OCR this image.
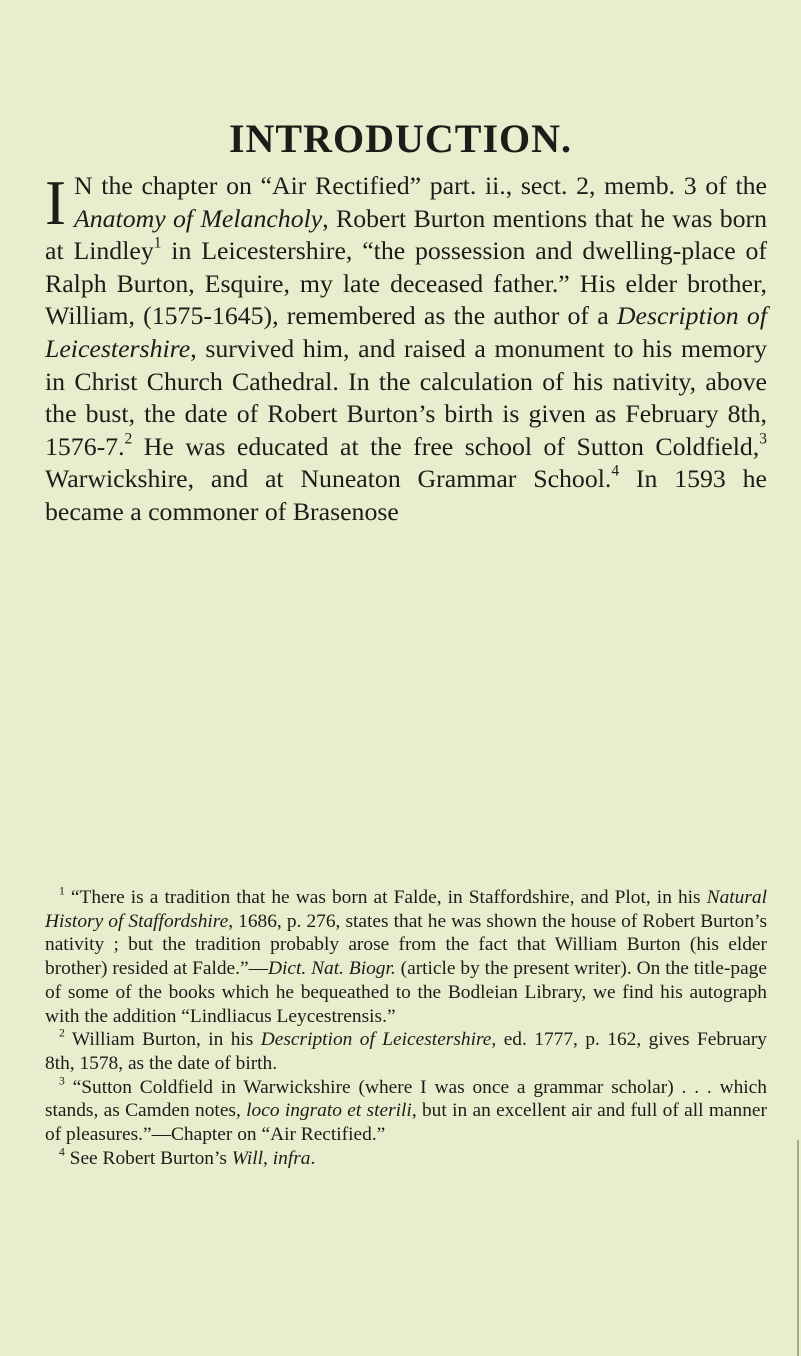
INTRODUCTION.
I N the chapter on “Air Rectified” part. ii., sect. 2, memb. 3 of the Anatomy of Melancholy, Robert Burton mentions that he was born at Lindley$^1$ in Leicestershire, “the possession and dwelling-place of Ralph Burton, Esquire, my late deceased father.” His elder brother, William, (1575-1645), remembered as the author of a Description of Leicestershire, survived him, and raised a monument to his memory in Christ Church Cathedral. In the calculation of his nativity, above the bust, the date of Robert Burton’s birth is given as February 8th, 1576-7.$^2$ He was educated at the free school of Sutton Coldfield,$^3$ Warwickshire, and at Nuneaton Grammar School.$^4$ In 1593 he became a commoner of Brasenose

$^1$ “There is a tradition that he was born at Falde, in Staffordshire, and Plot, in his Natural History of Staffordshire, 1686, p. 276, states that he was shown the house of Robert Burton’s nativity ; but the tradition probably arose from the fact that William Burton (his elder brother) resided at Falde.”—Dict. Nat. Biogr. (article by the present writer). On the title-page of some of the books which he bequeathed to the Bodleian Library, we find his autograph with the addition “Lindliacus Leycestrensis.”

$^2$ William Burton, in his Description of Leicestershire, ed. 1777, p. 162, gives February 8th, 1578, as the date of birth.

$^3$ “Sutton Coldfield in Warwickshire (where I was once a grammar scholar) . . . which stands, as Camden notes, loco ingrato et sterili, but in an excellent air and full of all manner of pleasures.”—Chapter on “Air Rectified.”

$^4$ See Robert Burton’s Will, infra.
